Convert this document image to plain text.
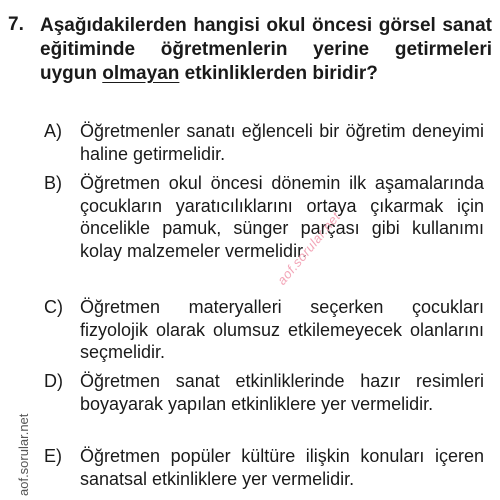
7. Aşağıdakilerden hangisi okul öncesi görsel sanat eğitiminde öğretmenlerin yerine getirmeleri uygun olmayan etkinliklerden biridir?
A) Öğretmenler sanatı eğlenceli bir öğretim deneyimi haline getirmelidir.
B) Öğretmen okul öncesi dönemin ilk aşamalarında çocukların yaratıcılıklarını ortaya çıkarmak için öncelikle pamuk, sünger parçası gibi kullanımı kolay malzemeler vermelidir.
C) Öğretmen materyalleri seçerken çocukları fizyolojik olarak olumsuz etkilemeyecek olanlarını seçmelidir.
D) Öğretmen sanat etkinliklerinde hazır resimleri boyayarak yapılan etkinliklere yer vermelidir.
E) Öğretmen popüler kültüre ilişkin konuları içeren sanatsal etkinliklere yer vermelidir.
aof.sorular.net
aof.sorular.net
